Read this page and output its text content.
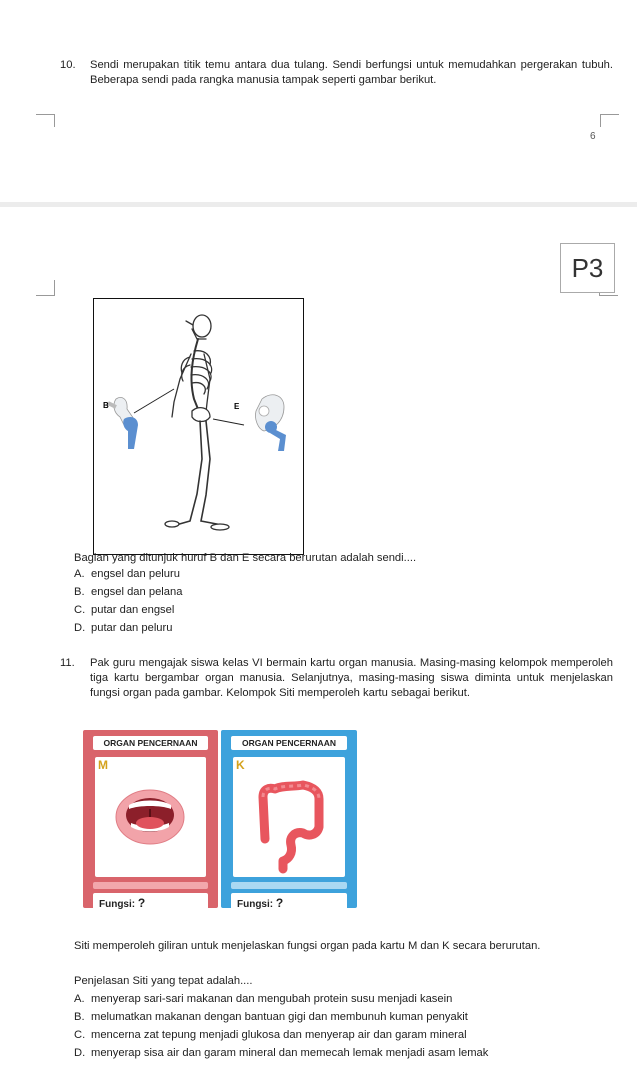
10. Sendi merupakan titik temu antara dua tulang. Sendi berfungsi untuk memudahkan pergerakan tubuh. Beberapa sendi pada rangka manusia tampak seperti gambar berikut.
6
P3
B	E
Bagian yang ditunjuk huruf B dan E secara berurutan adalah sendi....
A. engsel dan peluru
B. engsel dan pelana
C. putar dan engsel
D. putar dan peluru
11. Pak guru mengajak siswa kelas VI bermain kartu organ manusia. Masing-masing kelompok memperoleh tiga kartu bergambar organ manusia. Selanjutnya, masing-masing siswa diminta untuk menjelaskan fungsi organ pada gambar. Kelompok Siti memperoleh kartu sebagai berikut.
ORGAN PENCERNAAN
M
Fungsi: ?
ORGAN PENCERNAAN
K
Fungsi: ?
Siti memperoleh giliran untuk menjelaskan fungsi organ pada kartu M dan K secara berurutan.
Penjelasan Siti yang tepat adalah....
A. menyerap sari-sari makanan dan mengubah protein susu menjadi kasein
B. melumatkan makanan dengan bantuan gigi dan membunuh kuman penyakit
C. mencerna zat tepung menjadi glukosa dan menyerap air dan garam mineral
D. menyerap sisa air dan garam mineral dan memecah lemak menjadi asam lemak
